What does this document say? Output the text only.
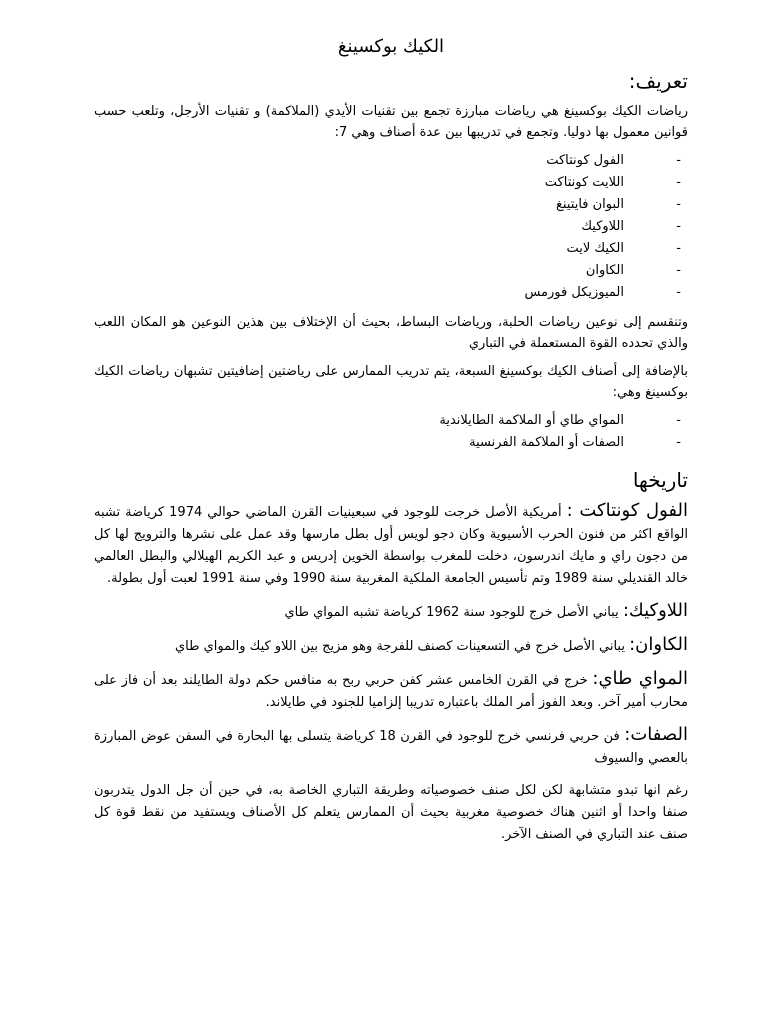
الكيك بوكسينغ
تعريف:

رياضات الكيك بوكسينغ هي رياضات مبارزة تجمع بين تقنيات الأيدي (الملاكمة) و تقنيات الأرجل، وتلعب حسب قوانين معمول بها دوليا. وتجمع في تدريبها بين عدة أصناف وهي 7:

- الفول كونتاكت
- اللايت كونتاكت
- البوان فايتينغ
- اللاوكيك
- الكيك لايت
- الكاوان
- الميوزيكل فورمس

وتنقسم إلى نوعين رياضات الحلبة، ورياضات البساط، بحيث أن الإختلاف بين هذين النوعين هو المكان اللعب والذي تحدده القوة المستعملة في التباري

بالإضافة إلى أصناف الكيك بوكسينغ السبعة، يتم تدريب الممارس على رياضتين إضافيتين تشبهان رياضات الكيك بوكسينغ وهي:

- المواي طاي أو الملاكمة الطايلاندية
- الصفات أو الملاكمة الفرنسية
تاريخها

الفول كونتاكت : أمريكية الأصل خرجت للوجود في سبعينيات القرن الماضي حوالي 1974 كرياضة تشبه الواقع اكثر من فنون الحرب الأسيوية وكان دجو لويس أول بطل مارسها وقد عمل على نشرها والترويج لها كل من دجون راي و مايك اندرسون، دخلت للمغرب بواسطة الخوين إدريس و عبد الكريم الهيلالي والبطل العالمي خالد القنديلي سنة 1989 وتم تأسيس الجامعة الملكية المغربية سنة 1990 وفي سنة 1991 لعبت أول بطولة.

اللاوكيك: يباني الأصل خرج للوجود سنة 1962 كرياضة تشبه المواي طاي

الكاوان: يباني الأصل خرج في التسعينات كصنف للفرجة وهو مزيج بين اللاو كيك والمواي طاي

المواي طاي: خرج في القرن الخامس عشر كفن حربي ربح به منافس حكم دولة الطايلند بعد أن فاز على محارب أمير آخر. وبعد الفوز أمر الملك باعتباره تدريبا إلزاميا للجنود في طايلاند.

الصفات: فن حربي فرنسي خرج للوجود في القرن 18 كرياضة يتسلى بها البحارة في السفن عوض المبارزة بالعصي والسيوف

رغم انها تبدو متشابهة لكن لكل صنف خصوصياته وطريقة التباري الخاصة به، في حين أن جل الدول يتدربون صنفا واحدا أو اثنين هناك خصوصية مغربية بحيث أن الممارس يتعلم كل الأصناف ويستفيد من نقط قوة كل صنف عند التباري في الصنف الآخر.
